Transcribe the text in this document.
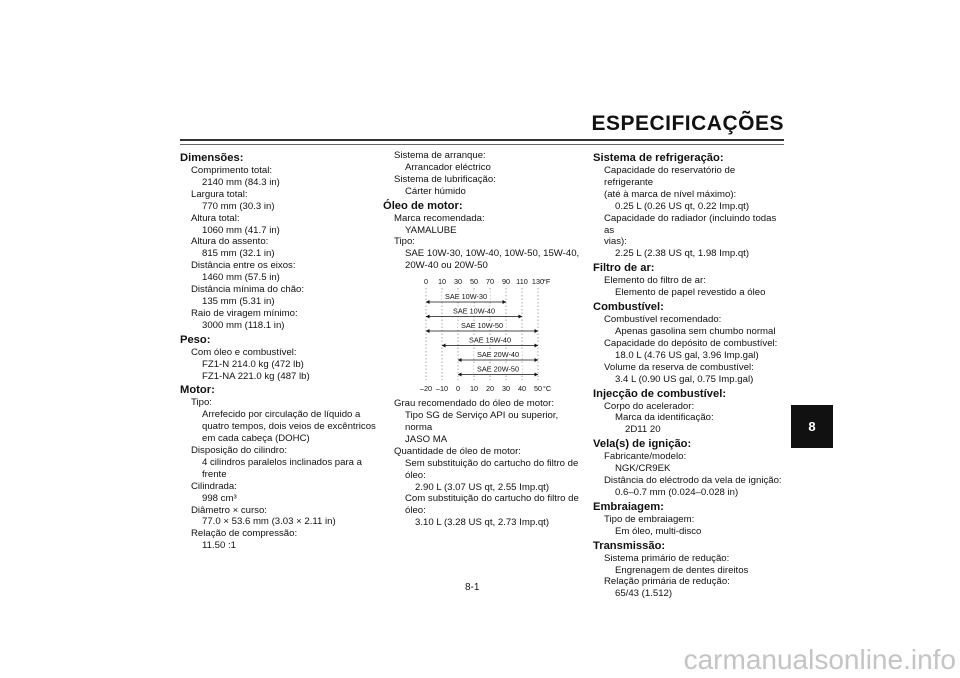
ESPECIFICAÇÕES
Dimensões:
Comprimento total:
2140 mm (84.3 in)
Largura total:
770 mm (30.3 in)
Altura total:
1060 mm (41.7 in)
Altura do assento:
815 mm (32.1 in)
Distância entre os eixos:
1460 mm (57.5 in)
Distância mínima do chão:
135 mm (5.31 in)
Raio de viragem mínimo:
3000 mm (118.1 in)
Peso:
Com óleo e combustível:
FZ1-N 214.0 kg (472 lb)
FZ1-NA 221.0 kg (487 lb)
Motor:
Tipo:
Arrefecido por circulação de líquido a
quatro tempos, dois veios de excêntricos
em cada cabeça (DOHC)
Disposição do cilindro:
4 cilindros paralelos inclinados para a
frente
Cilindrada:
998 cm³
Diâmetro × curso:
77.0 × 53.6 mm (3.03 × 2.11 in)
Relação de compressão:
11.50 :1
Sistema de arranque:
Arrancador eléctrico
Sistema de lubrificação:
Cárter húmido
Óleo de motor:
Marca recomendada:
YAMALUBE
Tipo:
SAE 10W-30, 10W-40, 10W-50, 15W-40,
20W-40 ou 20W-50
0 10 30 50 70 90 110 130
°F
–20 –10 0 10 20 30 40 50 °C
SAE 10W-30
SAE 10W-40
SAE 10W-50
SAE 15W-40
SAE 20W-40
SAE 20W-50
Grau recomendado do óleo de motor:
Tipo SG de Serviço API ou superior, norma
JASO MA
Quantidade de óleo de motor:
Sem substituição do cartucho do filtro de
óleo:
2.90 L (3.07 US qt, 2.55 Imp.qt)
Com substituição do cartucho do filtro de
óleo:
3.10 L (3.28 US qt, 2.73 Imp.qt)
Sistema de refrigeração:
Capacidade do reservatório de refrigerante
(até à marca de nível máximo):
0.25 L (0.26 US qt, 0.22 Imp.qt)
Capacidade do radiador (incluindo todas as
vias):
2.25 L (2.38 US qt, 1.98 Imp.qt)
Filtro de ar:
Elemento do filtro de ar:
Elemento de papel revestido a óleo
Combustível:
Combustível recomendado:
Apenas gasolina sem chumbo normal
Capacidade do depósito de combustível:
18.0 L (4.76 US gal, 3.96 Imp.gal)
Volume da reserva de combustível:
3.4 L (0.90 US gal, 0.75 Imp.gal)
Injecção de combustível:
Corpo do acelerador:
Marca da identificação:
2D11 20
Vela(s) de ignição:
Fabricante/modelo:
NGK/CR9EK
Distância do eléctrodo da vela de ignição:
0.6–0.7 mm (0.024–0.028 in)
Embraiagem:
Tipo de embraiagem:
Em óleo, multi-disco
Transmissão:
Sistema primário de redução:
Engrenagem de dentes direitos
Relação primária de redução:
65/43 (1.512)
8-1
8
carmanualsonline.info
